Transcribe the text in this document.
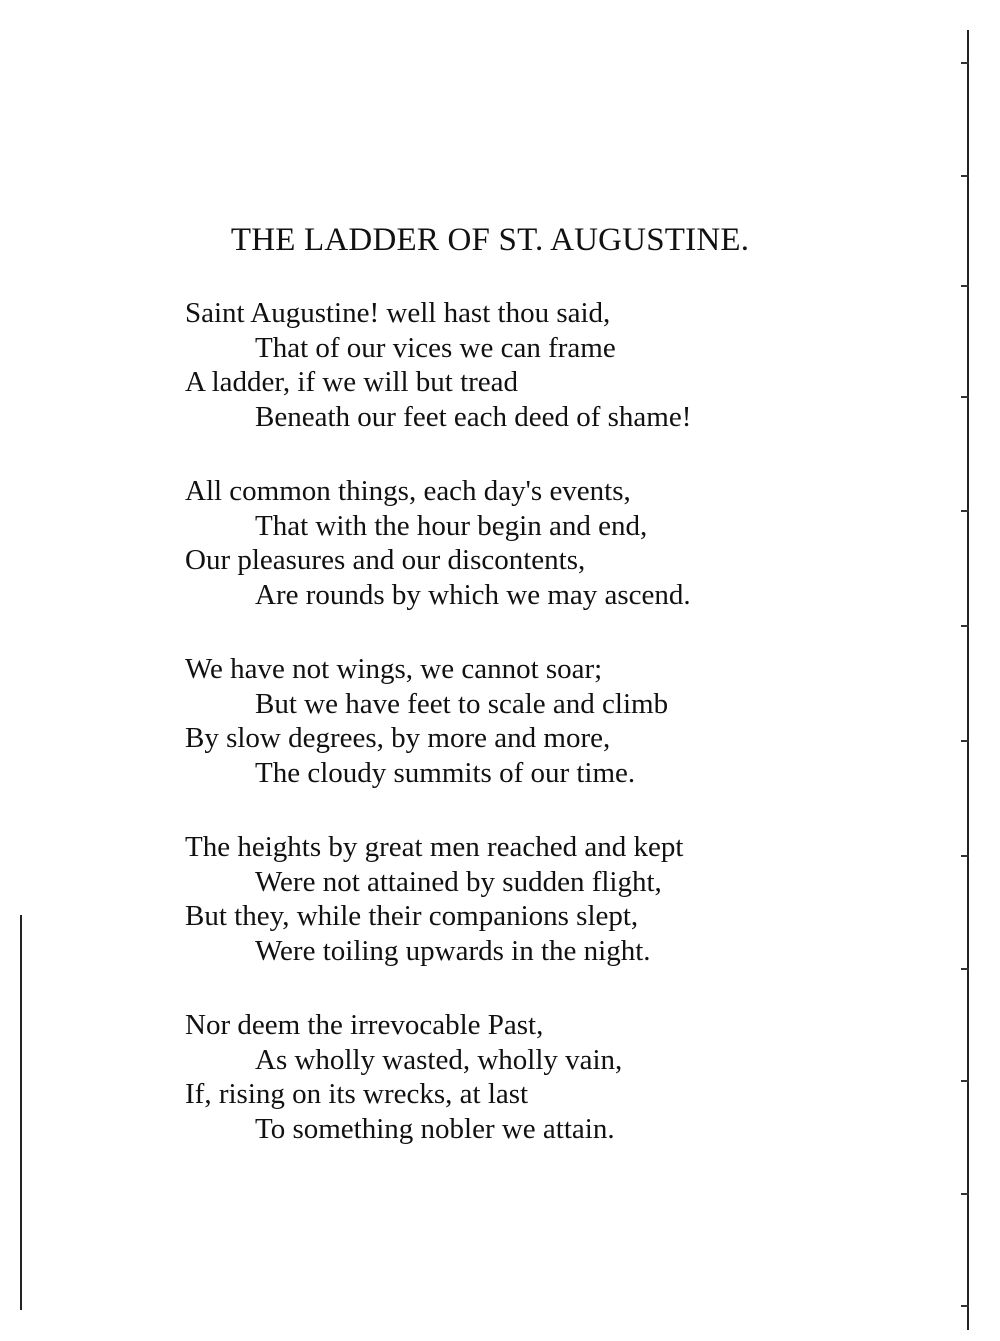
THE LADDER OF ST. AUGUSTINE.
Saint Augustine! well hast thou said,
That of our vices we can frame
A ladder, if we will but tread
Beneath our feet each deed of shame!
All common things, each day's events,
That with the hour begin and end,
Our pleasures and our discontents,
Are rounds by which we may ascend.
We have not wings, we cannot soar;
But we have feet to scale and climb
By slow degrees, by more and more,
The cloudy summits of our time.
The heights by great men reached and kept
Were not attained by sudden flight,
But they, while their companions slept,
Were toiling upwards in the night.
Nor deem the irrevocable Past,
As wholly wasted, wholly vain,
If, rising on its wrecks, at last
To something nobler we attain.
